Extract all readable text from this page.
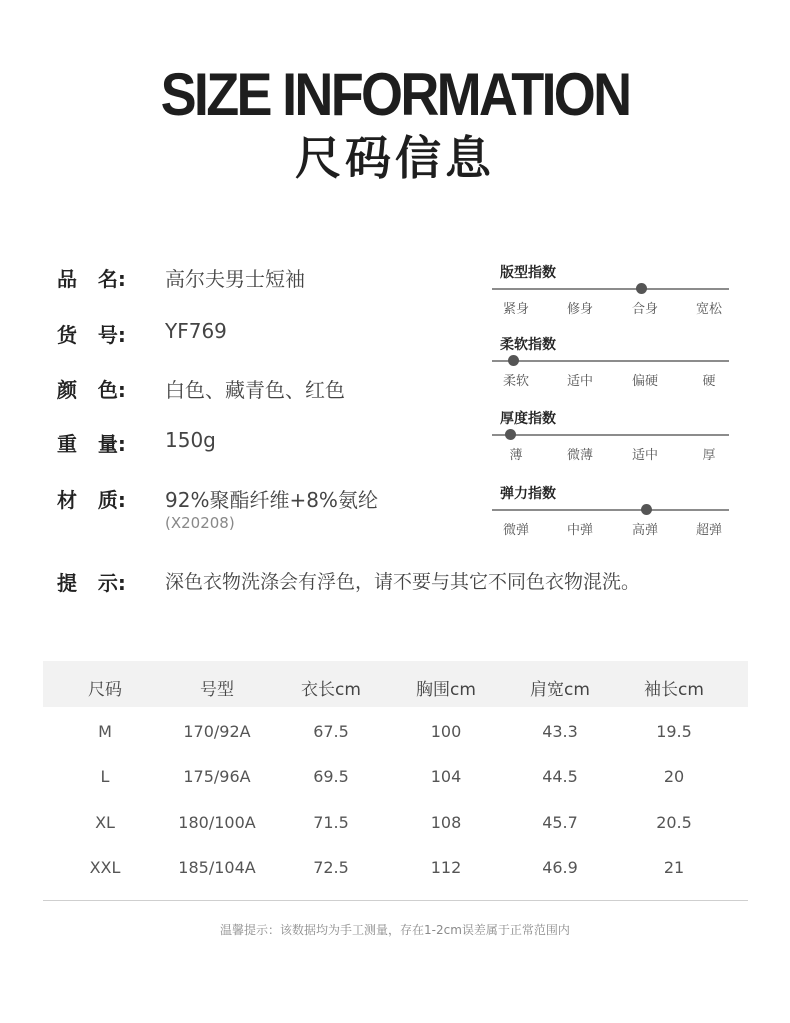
SIZE INFORMATION
尺码信息
品   名: 高尔夫男士短袖
货   号: YF769
颜   色: 白色、藏青色、红色
重   量: 150g
材   质: 92%聚酯纤维+8%氨纶
(X20208)
提   示: 深色衣物洗涤会有浮色，请不要与其它不同色衣物混洗。
版型指数
紧身	修身	合身	宽松
柔软指数
柔软	适中	偏硬	硬
厚度指数
薄	微薄	适中	厚
弹力指数
微弹	中弹	高弹	超弹
尺码	号型	衣长cm	胸围cm	肩宽cm	袖长cm
M	170/92A	67.5	100	43.3	19.5
L	175/96A	69.5	104	44.5	20
XL	180/100A	71.5	108	45.7	20.5
XXL	185/104A	72.5	112	46.9	21
温馨提示：该数据均为手工测量，存在1-2cm误差属于正常范围内
